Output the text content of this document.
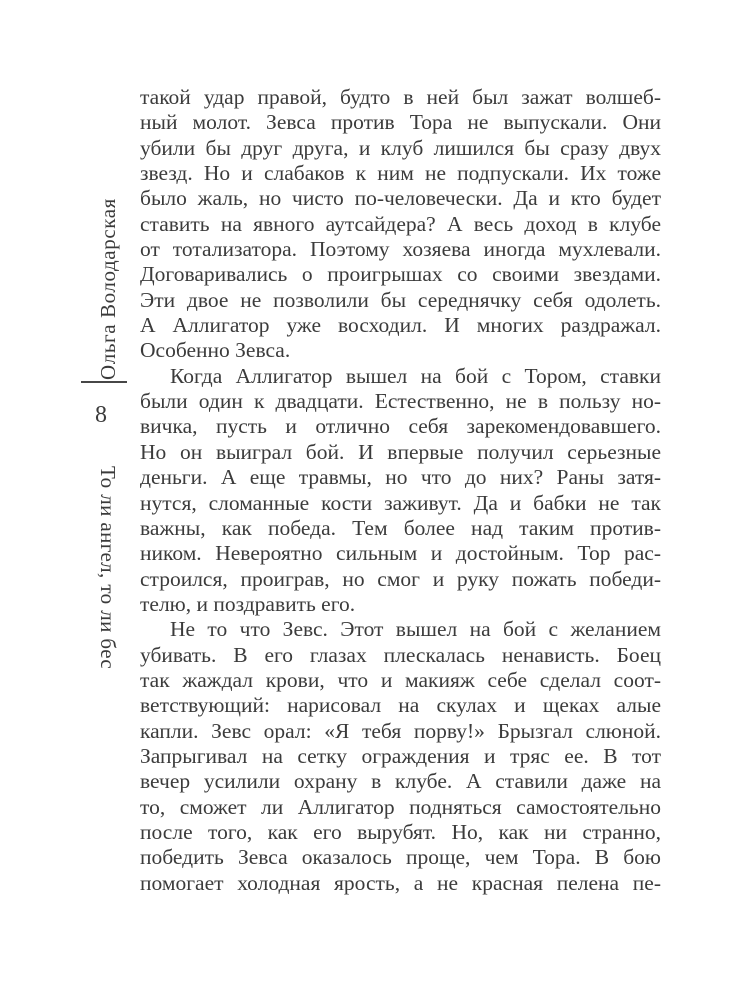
Ольга Володарская
8
То ли ангел, то ли бес
такой удар правой, будто в ней был зажат волшеб-
ный молот. Зевса против Тора не выпускали. Они
убили бы друг друга, и клуб лишился бы сразу двух
звезд. Но и слабаков к ним не подпускали. Их тоже
было жаль, но чисто по-человечески. Да и кто будет
ставить на явного аутсайдера? А весь доход в клубе
от тотализатора. Поэтому хозяева иногда мухлевали.
Договаривались о проигрышах со своими звездами.
Эти двое не позволили бы середнячку себя одолеть.
А Аллигатор уже восходил. И многих раздражал.
Особенно Зевса.
Когда Аллигатор вышел на бой с Тором, ставки
были один к двадцати. Естественно, не в пользу но-
вичка, пусть и отлично себя зарекомендовавшего.
Но он выиграл бой. И впервые получил серьезные
деньги. А еще травмы, но что до них? Раны затя-
нутся, сломанные кости заживут. Да и бабки не так
важны, как победа. Тем более над таким против-
ником. Невероятно сильным и достойным. Тор рас-
строился, проиграв, но смог и руку пожать победи-
телю, и поздравить его.
Не то что Зевс. Этот вышел на бой с желанием
убивать. В его глазах плескалась ненависть. Боец
так жаждал крови, что и макияж себе сделал соот-
ветствующий: нарисовал на скулах и щеках алые
капли. Зевс орал: «Я тебя порву!» Брызгал слюной.
Запрыгивал на сетку ограждения и тряс ее. В тот
вечер усилили охрану в клубе. А ставили даже на
то, сможет ли Аллигатор подняться самостоятельно
после того, как его вырубят. Но, как ни странно,
победить Зевса оказалось проще, чем Тора. В бою
помогает холодная ярость, а не красная пелена пе-
